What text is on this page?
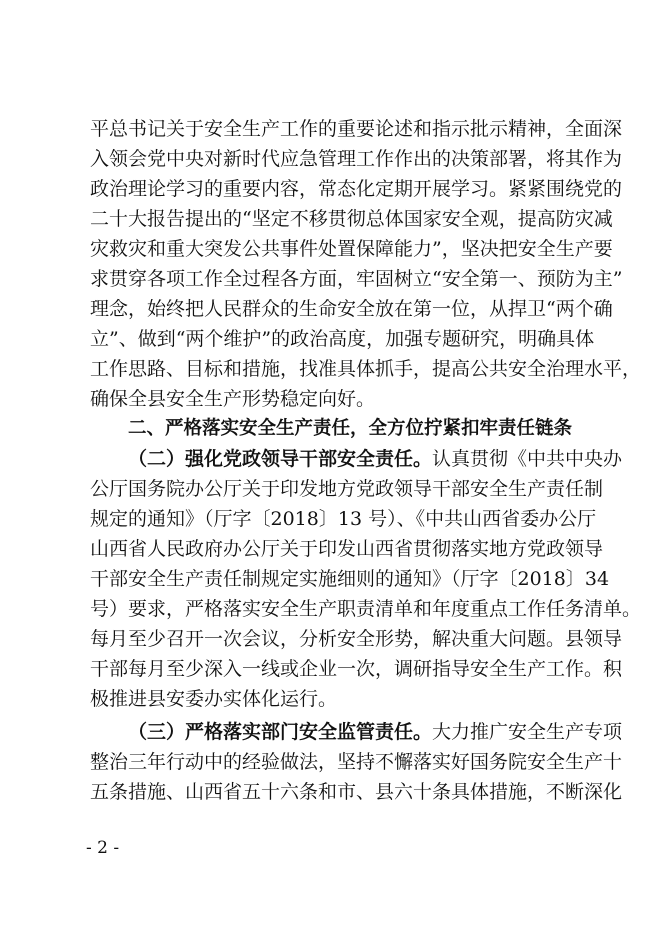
平总书记关于安全生产工作的重要论述和指示批示精神，全面深
入领会党中央对新时代应急管理工作作出的决策部署，将其作为
政治理论学习的重要内容，常态化定期开展学习。紧紧围绕党的
二十大报告提出的“坚定不移贯彻总体国家安全观，提高防灾减
灾救灾和重大突发公共事件处置保障能力”，坚决把安全生产要
求贯穿各项工作全过程各方面，牢固树立“安全第一、预防为主”
理念，始终把人民群众的生命安全放在第一位，从捍卫“两个确
立”、做到“两个维护”的政治高度，加强专题研究，明确具体
工作思路、目标和措施，找准具体抓手，提高公共安全治理水平，
确保全县安全生产形势稳定向好。
二、严格落实安全生产责任，全方位拧紧扣牢责任链条
（二）强化党政领导干部安全责任。认真贯彻《中共中央办
公厅国务院办公厅关于印发地方党政领导干部安全生产责任制
规定的通知》（厅字〔2018〕13 号）、《中共山西省委办公厅
山西省人民政府办公厅关于印发山西省贯彻落实地方党政领导
干部安全生产责任制规定实施细则的通知》（厅字〔2018〕34
号）要求，严格落实安全生产职责清单和年度重点工作任务清单。
每月至少召开一次会议，分析安全形势，解决重大问题。县领导
干部每月至少深入一线或企业一次，调研指导安全生产工作。积
极推进县安委办实体化运行。
（三）严格落实部门安全监管责任。大力推广安全生产专项
整治三年行动中的经验做法，坚持不懈落实好国务院安全生产十
五条措施、山西省五十六条和市、县六十条具体措施，不断深化
- 2 -
